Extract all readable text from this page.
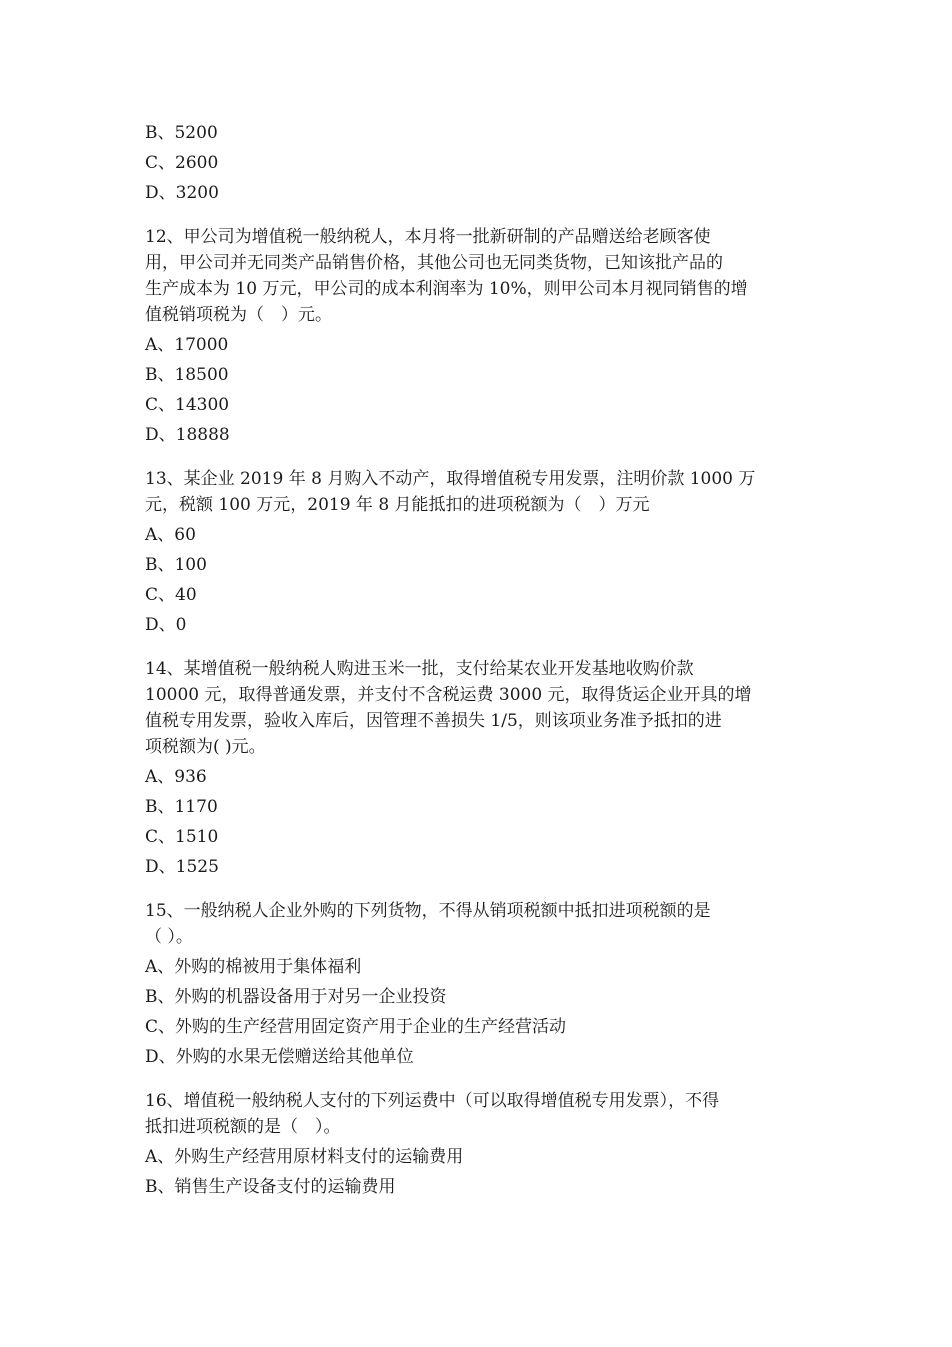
B、5200
C、2600
D、3200
12、甲公司为增值税一般纳税人，本月将一批新研制的产品赠送给老顾客使
用，甲公司并无同类产品销售价格，其他公司也无同类货物，已知该批产品的
生产成本为 10 万元，甲公司的成本利润率为 10%，则甲公司本月视同销售的增
值税销项税为（　）元。
A、17000
B、18500
C、14300
D、18888
13、某企业 2019 年 8 月购入不动产，取得增值税专用发票，注明价款 1000 万
元，税额 100 万元，2019 年 8 月能抵扣的进项税额为（　）万元
A、60
B、100
C、40
D、0
14、某增值税一般纳税人购进玉米一批，支付给某农业开发基地收购价款
10000 元，取得普通发票，并支付不含税运费 3000 元，取得货运企业开具的增
值税专用发票，验收入库后，因管理不善损失 1/5，则该项业务准予抵扣的进
项税额为( )元。
A、936
B、1170
C、1510
D、1525
15、一般纳税人企业外购的下列货物，不得从销项税额中抵扣进项税额的是
（ ）。
A、外购的棉被用于集体福利
B、外购的机器设备用于对另一企业投资
C、外购的生产经营用固定资产用于企业的生产经营活动
D、外购的水果无偿赠送给其他单位
16、增值税一般纳税人支付的下列运费中（可以取得增值税专用发票），不得
抵扣进项税额的是（　）。
A、外购生产经营用原材料支付的运输费用
B、销售生产设备支付的运输费用
